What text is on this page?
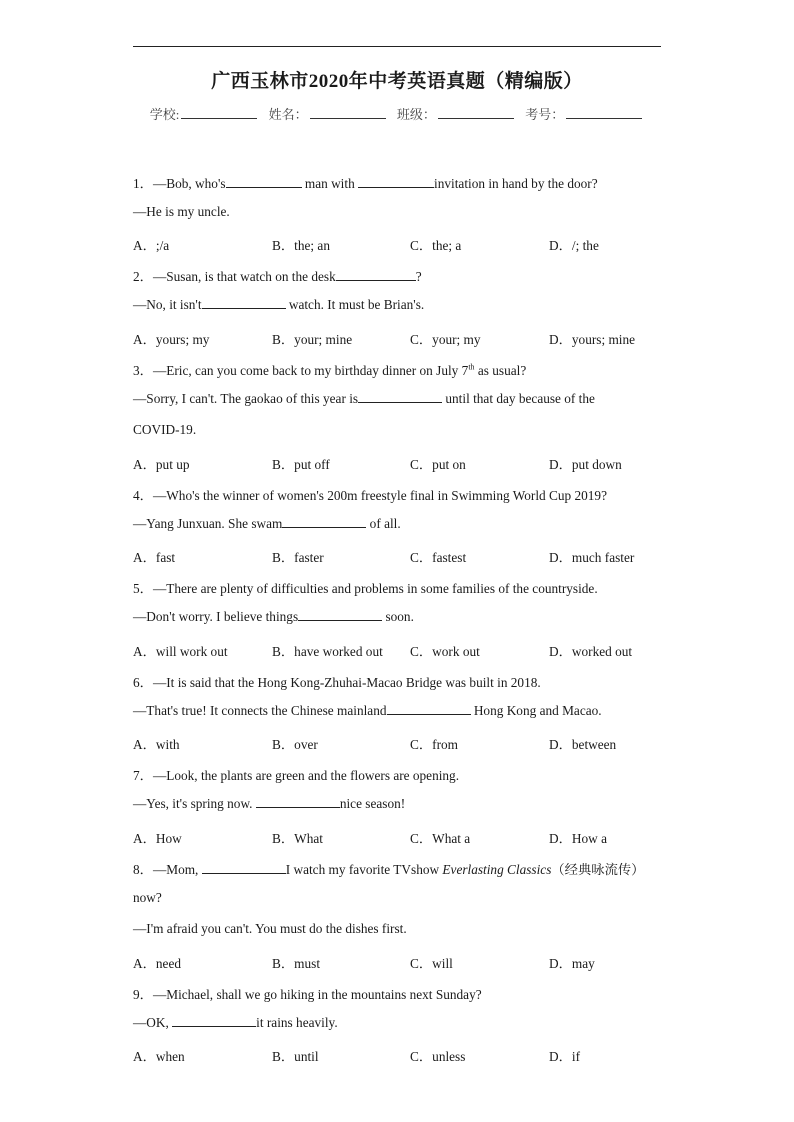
广西玉林市2020年中考英语真题（精编版）
学校:	姓名：	班级：	考号：
1．—Bob, who's	man with	invitation in hand by the door?
—He is my uncle.
A．;/a	B．the; an	C．the; a	D．/; the
2．—Susan, is that watch on the desk	?
—No, it isn't	watch. It must be Brian's.
A．yours; my	B．your; mine	C．your; my	D．yours; mine
3．—Eric, can you come back to my birthday dinner on July 7th as usual?
—Sorry, I can't. The gaokao of this year is	until that day because of the
COVID-19.
A．put up	B．put off	C．put on	D．put down
4．—Who's the winner of women's 200m freestyle final in Swimming World Cup 2019?
—Yang Junxuan. She swam	of all.
A．fast	B．faster	C．fastest	D．much faster
5．—There are plenty of difficulties and problems in some families of the countryside.
—Don't worry. I believe things	soon.
A．will work out	B．have worked out C．work out	D．worked out
6．—It is said that the Hong Kong-Zhuhai-Macao Bridge was built in 2018.
—That's true! It connects the Chinese mainland	Hong Kong and Macao.
A．with	B．over	C．from	D．between
7．—Look, the plants are green and the flowers are opening.
—Yes, it's spring now.	nice season!
A．How	B．What	C．What a	D．How a
8．—Mom,	I watch my favorite TVshow Everlasting Classics（经典咏流传）
now?
—I'm afraid you can't. You must do the dishes first.
A．need	B．must	C．will	D．may
9．—Michael, shall we go hiking in the mountains next Sunday?
—OK,	it rains heavily.
A．when	B．until	C．unless	D．if
